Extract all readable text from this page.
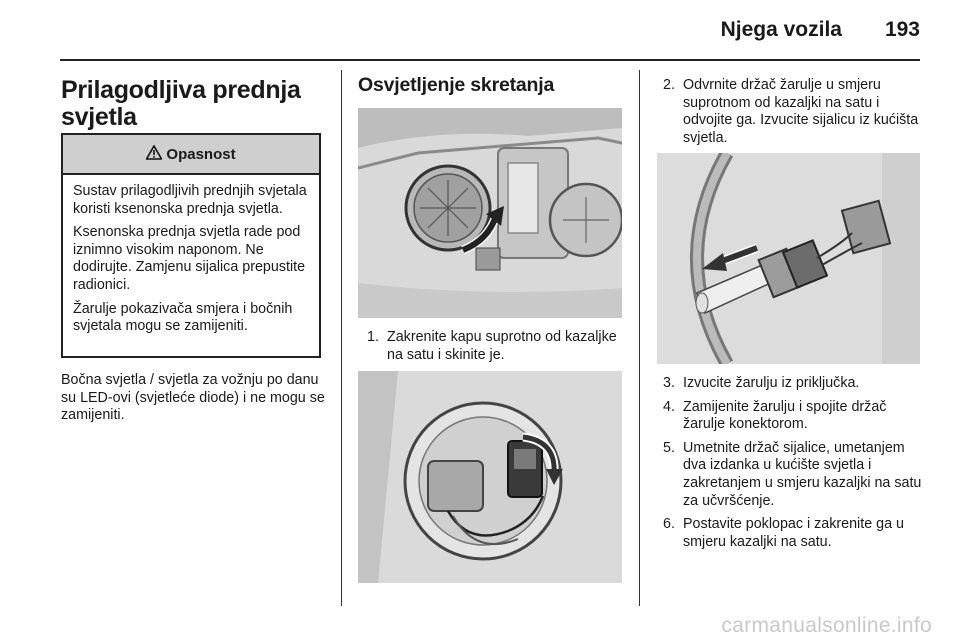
Njega vozila 193
Prilagodljiva prednja svjetla
Opasnost

Sustav prilagodljivih prednjih svjetala koristi ksenonska prednja svjetla.

Ksenonska prednja svjetla rade pod iznimno visokim naponom. Ne dodirujte. Zamjenu sijalica prepustite radionici.

Žarulje pokazivača smjera i bočnih svjetala mogu se zamijeniti.

Bočna svjetla / svjetla za vožnju po danu su LED-ovi (svjetleće diode) i ne mogu se zamijeniti.
Osvjetljenje skretanja
1. Zakrenite kapu suprotno od kazaljke na satu i skinite je.
2. Odvrnite držač žarulje u smjeru suprotnom od kazaljki na satu i odvojite ga. Izvucite sijalicu iz kućišta svjetla.
3. Izvucite žarulju iz priključka.
4. Zamijenite žarulju i spojite držač žarulje konektorom.
5. Umetnite držač sijalice, umetanjem dva izdanka u kućište svjetla i zakretanjem u smjeru kazaljki na satu za učvršćenje.
6. Postavite poklopac i zakrenite ga u smjeru kazaljki na satu.
carmanualsonline.info
